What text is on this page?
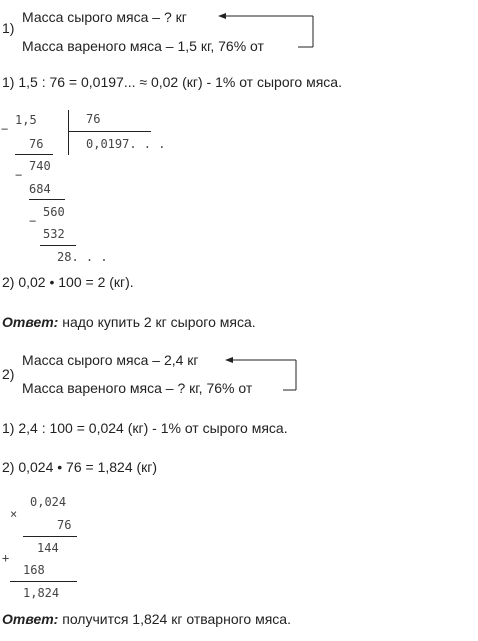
1)
Масса сырого мяса – ? кг
Масса вареного мяса – 1,5 кг, 76% от
1) 1,5 : 76 = 0,0197... ≈ 0,02 (кг) - 1% от сырого мяса.
−
1,5	76
0,0197. . .
76
−
740
684
−
560
532
28. . .
2) 0,02 • 100 = 2 (кг).
Ответ: надо купить 2 кг сырого мяса.
2)
Масса сырого мяса – 2,4 кг
Масса вареного мяса – ? кг, 76% от
1) 2,4 : 100 = 0,024 (кг) - 1% от сырого мяса.
2) 0,024 • 76 = 1,824 (кг)
×
0,024
76
144
+
168
1,824
Ответ: получится 1,824 кг отварного мяса.
